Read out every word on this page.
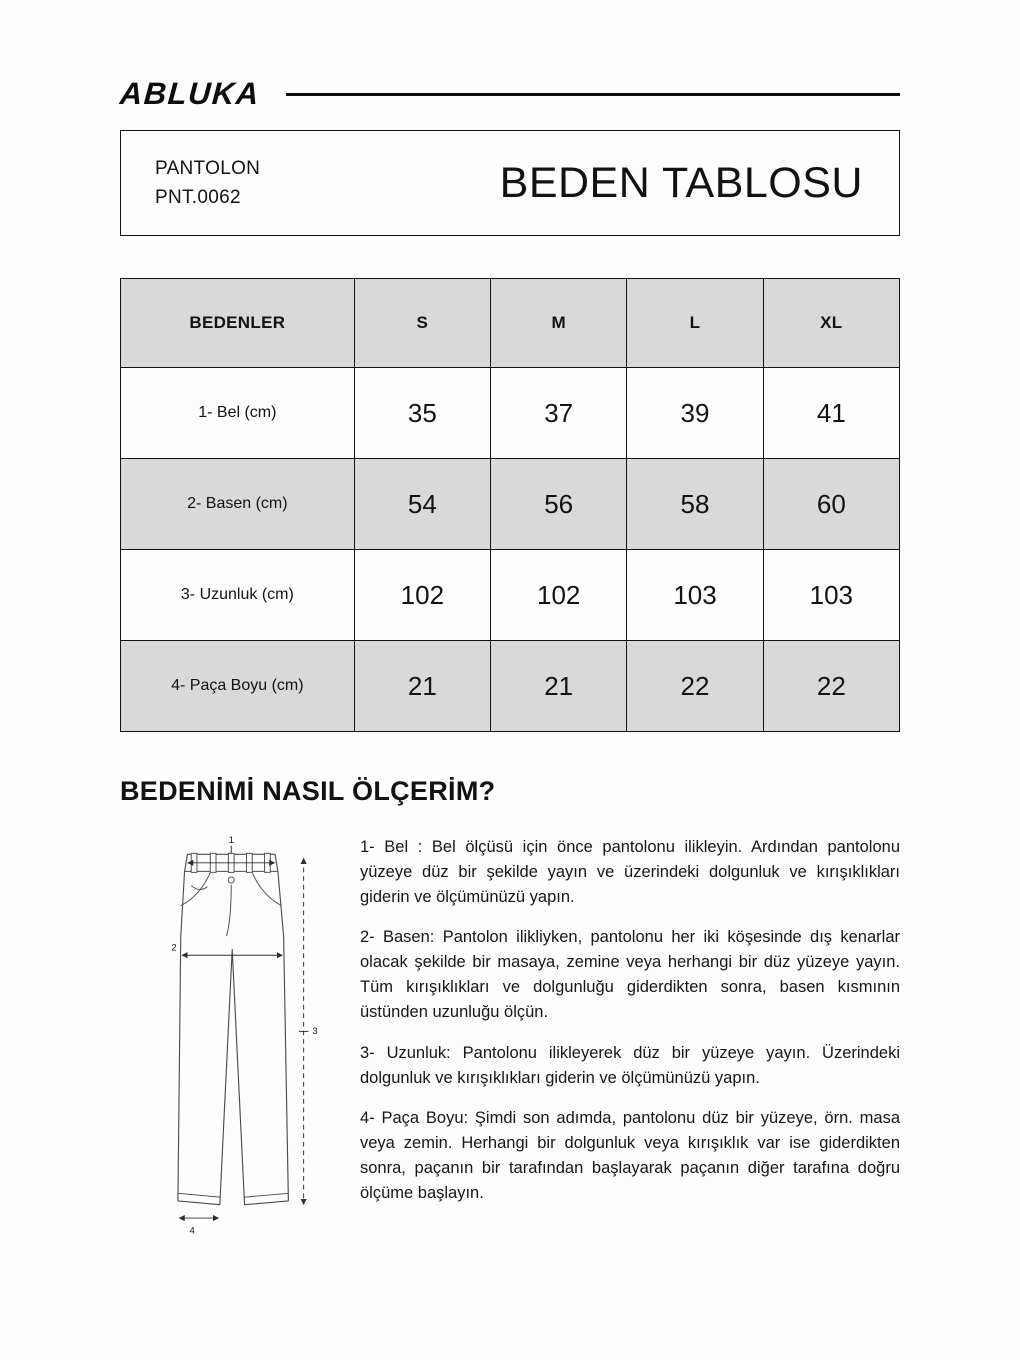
ABLUKA
PANTOLON
PNT.0062	BEDEN TABLOSU
BEDENLER	S	M	L	XL
1- Bel (cm)	35	37	39	41
2- Basen (cm)	54	56	58	60
3- Uzunluk (cm)	102	102	103	103
4- Paça Boyu (cm)	21	21	22	22
BEDENİMİ NASIL ÖLÇERİM?
1
2
3
4

1- Bel : Bel ölçüsü için önce pantolonu ilikleyin. Ardından pantolonu yüzeye düz bir şekilde yayın ve üzerindeki dolgunluk ve kırışıklıkları giderin ve ölçümünüzü yapın.

2- Basen: Pantolon ilikliyken, pantolonu her iki köşesinde dış kenarlar olacak şekilde bir masaya, zemine veya herhangi bir düz yüzeye yayın. Tüm kırışıklıkları ve dolgunluğu giderdikten sonra, basen kısmının üstünden uzunluğu ölçün.

3- Uzunluk: Pantolonu ilikleyerek düz bir yüzeye yayın. Üzerindeki dolgunluk ve kırışıklıkları giderin ve ölçümünüzü yapın.

4- Paça Boyu: Şimdi son adımda, pantolonu düz bir yüzeye, örn. masa veya zemin. Herhangi bir dolgunluk veya kırışıklık var ise giderdikten sonra, paçanın bir tarafından başlayarak paçanın diğer tarafına doğru ölçüme başlayın.
